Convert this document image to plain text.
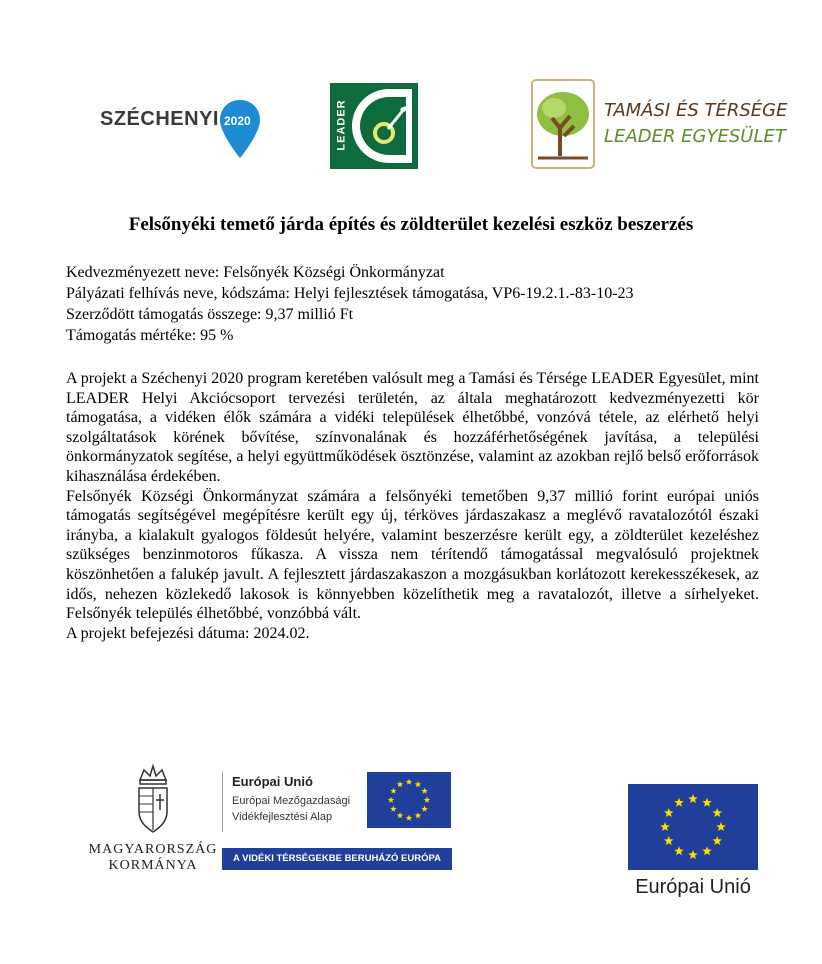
SZÉCHENYI 2020	LEADER	TAMÁSI ÉS TÉRSÉGE
LEADER EGYESÜLET
Felsőnyéki temető járda építés és zöldterület kezelési eszköz beszerzés
Kedvezményezett neve: Felsőnyék Községi Önkormányzat
Pályázati felhívás neve, kódszáma: Helyi fejlesztések támogatása, VP6-19.2.1.-83-10-23
Szerződött támogatás összege: 9,37 millió Ft
Támogatás mértéke: 95 %

A projekt a Széchenyi 2020 program keretében valósult meg a Tamási és Térsége LEADER Egyesület, mint LEADER Helyi Akciócsoport tervezési területén, az általa meghatározott kedvezményezetti kör támogatása, a vidéken élők számára a vidéki települések élhetőbbé, vonzóvá tétele, az elérhető helyi szolgáltatások körének bővítése, színvonalának és hozzáférhetőségének javítása, a települési önkormányzatok segítése, a helyi együttműködések ösztönzése, valamint az azokban rejlő belső erőforrások kihasználása érdekében.

Felsőnyék Községi Önkormányzat számára a felsőnyéki temetőben 9,37 millió forint európai uniós támogatás segítségével megépítésre került egy új, térköves járdaszakasz a meglévő ravatalozótól északi irányba, a kialakult gyalogos földesút helyére, valamint beszerzésre került egy, a zöldterület kezeléshez szükséges benzinmotoros fűkasza. A vissza nem térítendő támogatással megvalósuló projektnek köszönhetően a falukép javult. A fejlesztett járdaszakaszon a mozgásukban korlátozott kerekesszékesek, az idős, nehezen közlekedő lakosok is könnyebben közelíthetik meg a ravatalozót, illetve a sírhelyeket. Felsőnyék település élhetőbbé, vonzóbbá vált.

A projekt befejezési dátuma: 2024.02.

MAGYARORSZÁG
KORMÁNYA
Európai Unió
Európai Mezőgazdasági
Vidékfejlesztési Alap
A VIDÉKI TÉRSÉGEKBE BERUHÁZÓ EURÓPA
Európai Unió
